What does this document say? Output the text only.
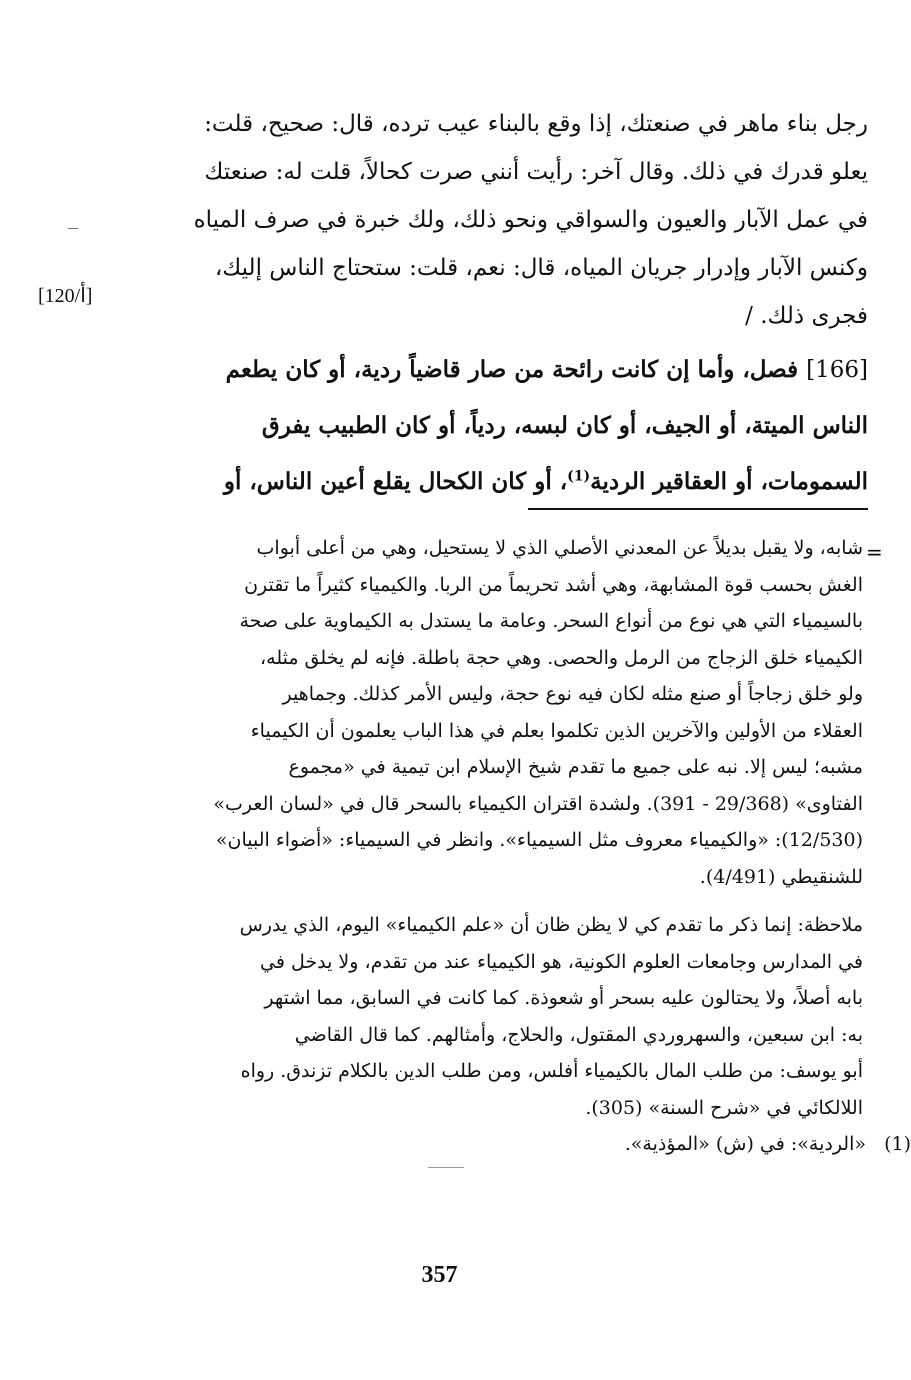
رجل بناء ماهر في صنعتك، إذا وقع بالبناء عيب ترده، قال: صحيح، قلت:

يعلو قدرك في ذلك. وقال آخر: رأيت أنني صرت كحالاً، قلت له: صنعتك

في عمل الآبار والعيون والسواقي ونحو ذلك، ولك خبرة في صرف المياه

وكنس الآبار وإدرار جريان المياه، قال: نعم، قلت: ستحتاج الناس إليك،

فجرى ذلك. /

[120/أ]

[166] فصل، وأما إن كانت رائحة من صار قاضياً ردية، أو كان يطعم

الناس الميتة، أو الجيف، أو كان لبسه، ردياً، أو كان الطبيب يفرق

السمومات، أو العقاقير الردية$^{(1)}$، أو كان الكحال يقلع أعين الناس، أو

=

شابه، ولا يقبل بديلاً عن المعدني الأصلي الذي لا يستحيل، وهي من أعلى أبواب

الغش بحسب قوة المشابهة، وهي أشد تحريماً من الربا. والكيمياء كثيراً ما تقترن

بالسيمياء التي هي نوع من أنواع السحر. وعامة ما يستدل به الكيماوية على صحة

الكيمياء خلق الزجاج من الرمل والحصى. وهي حجة باطلة. فإنه لم يخلق مثله،

ولو خلق زجاجاً أو صنع مثله لكان فيه نوع حجة، وليس الأمر كذلك. وجماهير

العقلاء من الأولين والآخرين الذين تكلموا بعلم في هذا الباب يعلمون أن الكيمياء

مشبه؛ ليس إلا. نبه على جميع ما تقدم شيخ الإسلام ابن تيمية في «مجموع

الفتاوى» (29/368 - 391). ولشدة اقتران الكيمياء بالسحر قال في «لسان العرب»

(12/530): «والكيمياء معروف مثل السيمياء». وانظر في السيمياء: «أضواء البيان»

للشنقيطي (4/491).

ملاحظة: إنما ذكر ما تقدم كي لا يظن ظان أن «علم الكيمياء» اليوم، الذي يدرس

في المدارس وجامعات العلوم الكونية، هو الكيمياء عند من تقدم، ولا يدخل في

بابه أصلاً، ولا يحتالون عليه بسحر أو شعوذة. كما كانت في السابق، مما اشتهر

به: ابن سبعين، والسهروردي المقتول، والحلاج، وأمثالهم. كما قال القاضي

أبو يوسف: من طلب المال بالكيمياء أفلس، ومن طلب الدين بالكلام تزندق. رواه

اللالكائي في «شرح السنة» (305).

(1) «الردية»: في (ش) «المؤذية».

357
